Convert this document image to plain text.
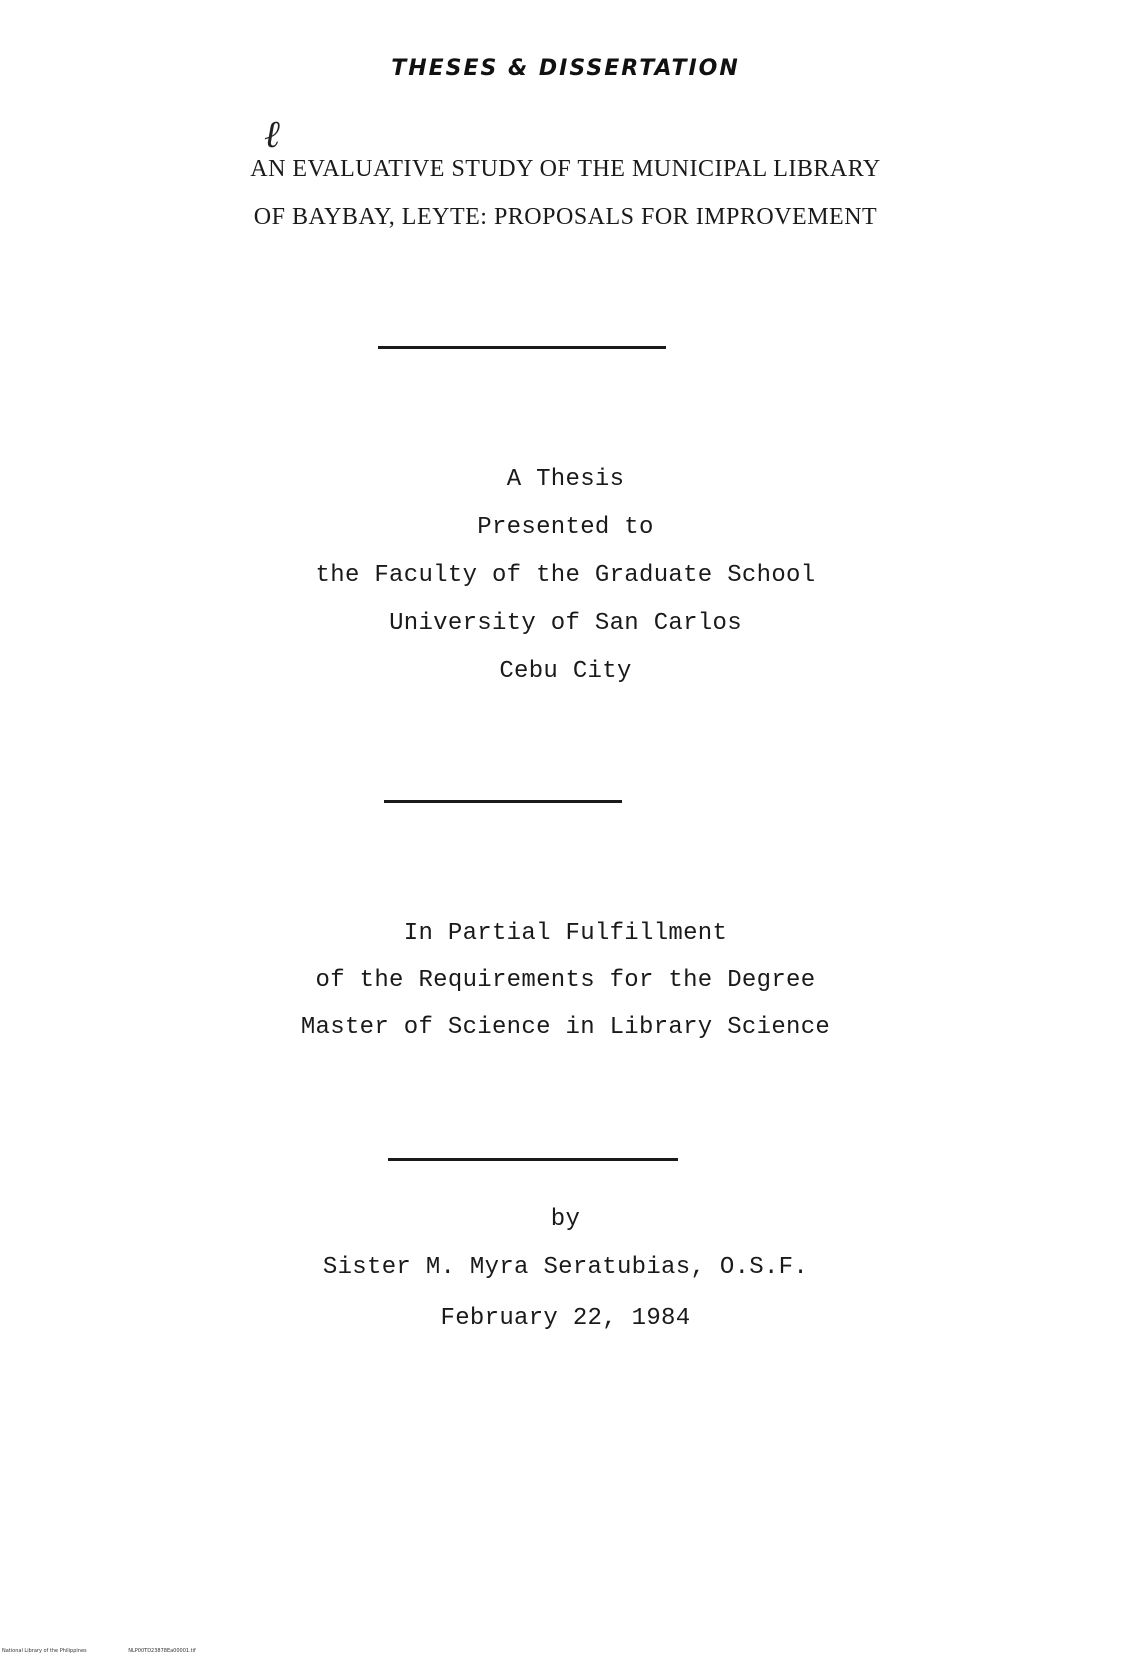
THESES & DISSERTATION
ℓ
AN EVALUATIVE STUDY OF THE MUNICIPAL LIBRARY
OF BAYBAY, LEYTE: PROPOSALS FOR IMPROVEMENT
A Thesis
Presented to
the Faculty of the Graduate School
University of San Carlos
Cebu City
In Partial Fulfillment
of the Requirements for the Degree
Master of Science in Library Science
by
Sister M. Myra Seratubias, O.S.F.
February 22, 1984
National Library of the Philippines	NLP00TD23878Ea00001.tif
